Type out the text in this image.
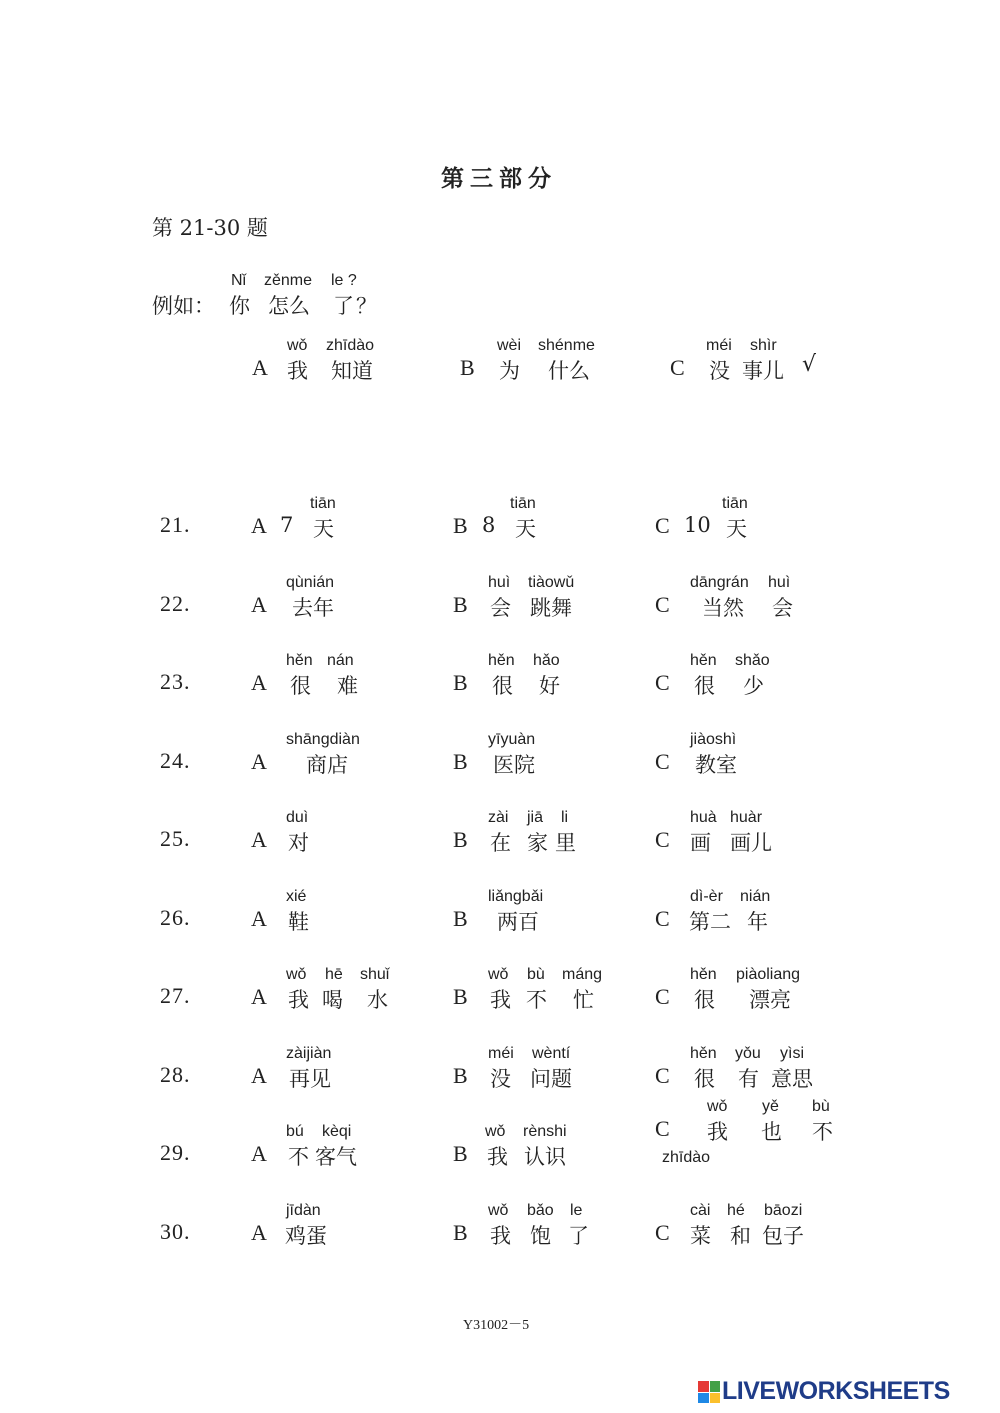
第三部分
第 21-30 题
例如：
Nǐ zěnme le ?
你 怎么 了 ？
A
wǒ zhīdào
我 知道	B
wèi shénme
为 什么	C
méi shìr
没 事儿 √
21.	A
tiān
7 天	B
tiān
8 天	C
tiān
10 天
22.	A
qùnián
去年	B
huì tiàowǔ
会 跳舞	C
dāngrán huì
当然 会
23.	A
hěn nán
很 难	B
hěn hǎo
很 好	C
hěn shǎo
很 少
24.	A
shāngdiàn
商店	B
yīyuàn
医院	C
jiàoshì
教室
25.	A
duì
对	B
zài jiā li
在 家 里	C
huà huàr
画 画儿
26.	A
xié
鞋	B
liǎngbǎi
两百	C
dì-èr nián
第二 年
27.	A
wǒ hē shuǐ
我 喝 水	B
wǒ bù máng
我 不 忙	C
hěn piàoliang
很 漂亮
28.	A
zàijiàn
再见	B
méi wèntí
没 问题	C
hěn yǒu yìsi
很 有 意思
29.	A
bú kèqi
不 客气	B
wǒ rènshi
我 认识
C
wǒ yě bù
我 也 不
zhīdào
30.	A
jīdàn
鸡蛋	B
wǒ bǎo le
我 饱 了	C
cài hé bāozi
菜 和 包子
Y31002－5
LIVEWORKSHEETS
